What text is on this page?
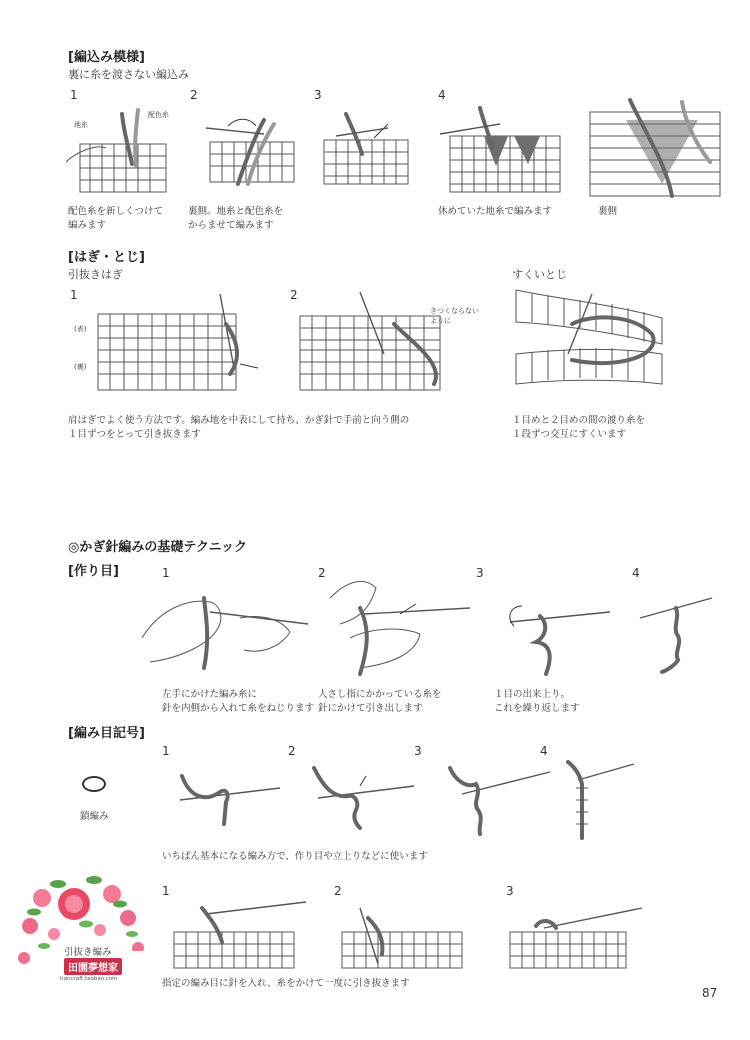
[編込み模様]
裏に糸を渡さない編込み
1	2	3	4
地糸
配色糸
配色糸を新しくつけて
編みます
裏側。地糸と配色糸を
からませて編みます
休めていた地糸で編みます	裏側
[はぎ・とじ]
引抜きはぎ	すくいとじ
1	2
(表)
(裏)
きつくならない
ように
肩はぎでよく使う方法です。編み地を中表にして持ち、かぎ針で手前と向う側の
１目ずつをとって引き抜きます
１目めと２目めの間の渡り糸を
１段ずつ交互にすくいます
◎かぎ針編みの基礎テクニック
[作り目]	1	2	3	4
左手にかけた編み糸に
針を内側から入れて糸をねじります
人さし指にかかっている糸を
針にかけて引き出します
１目の出来上り。
これを繰り返します
[編み目記号]
鎖編み
1	2	3	4
いちばん基本になる編み方で、作り目や立上りなどに使います
1	2	3
指定の編み目に針を入れ、糸をかけて一度に引き抜きます
引抜き編み
田園夢想家
tiancraft.taobao.com
87
